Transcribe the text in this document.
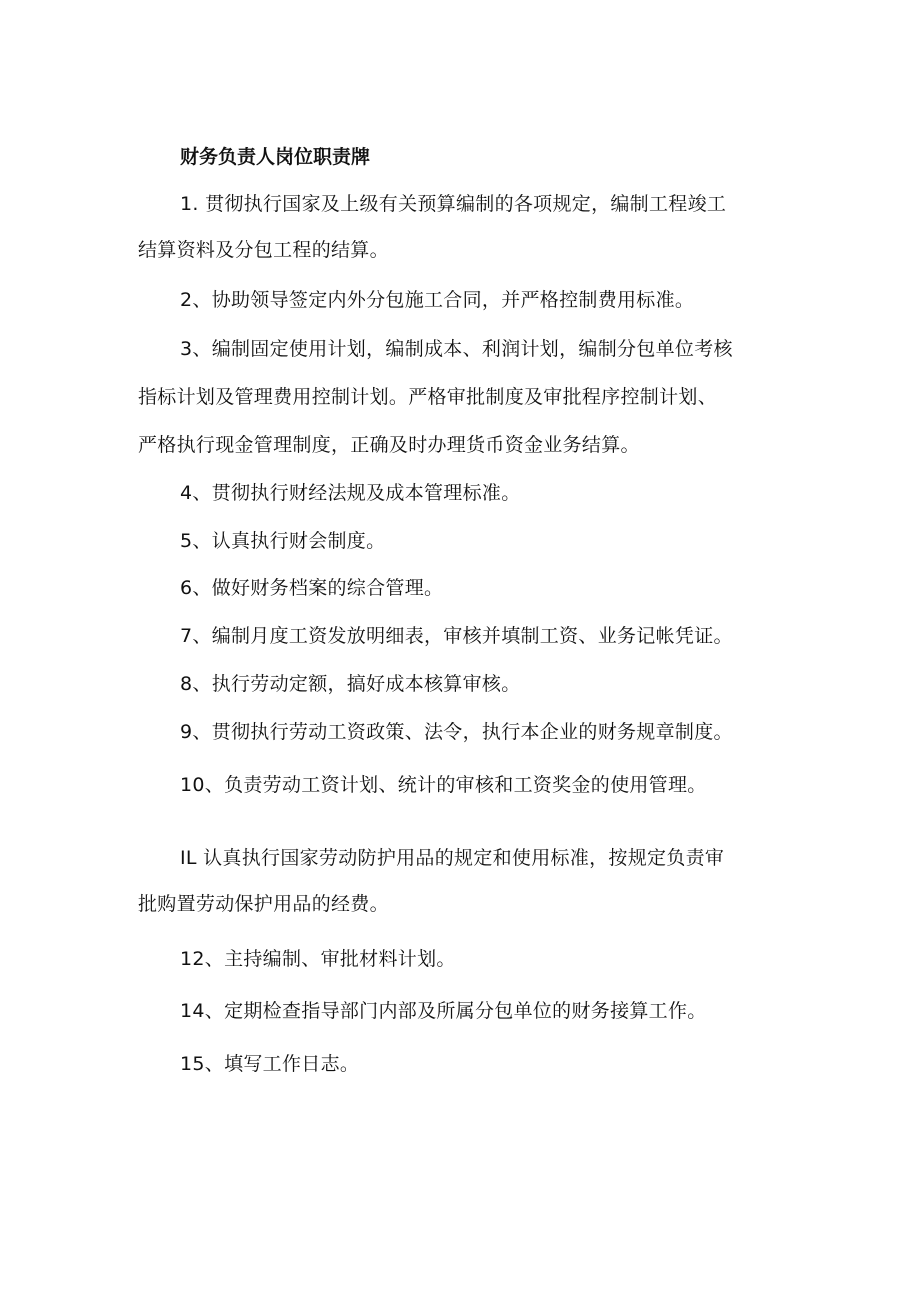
财务负责人岗位职责牌
1. 贯彻执行国家及上级有关预算编制的各项规定，编制工程竣工
结算资料及分包工程的结算。
2、协助领导签定内外分包施工合同，并严格控制费用标准。
3、编制固定使用计划，编制成本、利润计划，编制分包单位考核
指标计划及管理费用控制计划。严格审批制度及审批程序控制计划、
严格执行现金管理制度，正确及时办理货币资金业务结算。
4、贯彻执行财经法规及成本管理标准。
5、认真执行财会制度。
6、做好财务档案的综合管理。
7、编制月度工资发放明细表，审核并填制工资、业务记帐凭证。
8、执行劳动定额，搞好成本核算审核。
9、贯彻执行劳动工资政策、法令，执行本企业的财务规章制度。
10、负责劳动工资计划、统计的审核和工资奖金的使用管理。
IL 认真执行国家劳动防护用品的规定和使用标准，按规定负责审
批购置劳动保护用品的经费。
12、主持编制、审批材料计划。
14、定期检查指导部门内部及所属分包单位的财务接算工作。
15、填写工作日志。
